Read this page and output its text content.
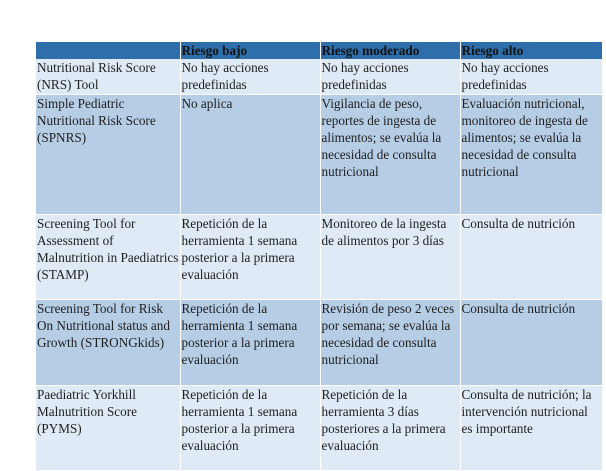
	Riesgo bajo	Riesgo moderado	Riesgo alto
Nutritional Risk Score (NRS) Tool	No hay acciones predefinidas	No hay acciones predefinidas	No hay acciones predefinidas
Simple Pediatric Nutritional Risk Score (SPNRS)	No aplica	Vigilancia de peso, reportes de ingesta de alimentos; se evalúa la necesidad de consulta nutricional	Evaluación nutricional, monitoreo de ingesta de alimentos; se evalúa la necesidad de consulta nutricional
Screening Tool for Assessment of Malnutrition in Paediatrics (STAMP)	Repetición de la herramienta 1 semana posterior a la primera evaluación	Monitoreo de la ingesta de alimentos por 3 días	Consulta de nutrición
Screening Tool for Risk On Nutritional status and Growth (STRONGkids)	Repetición de la herramienta 1 semana posterior a la primera evaluación	Revisión de peso 2 veces por semana; se evalúa la necesidad de consulta nutricional	Consulta de nutrición
Paediatric Yorkhill Malnutrition Score (PYMS)	Repetición de la herramienta 1 semana posterior a la primera evaluación	Repetición de la herramienta 3 días posteriores a la primera evaluación	Consulta de nutrición; la intervención nutricional es importante
